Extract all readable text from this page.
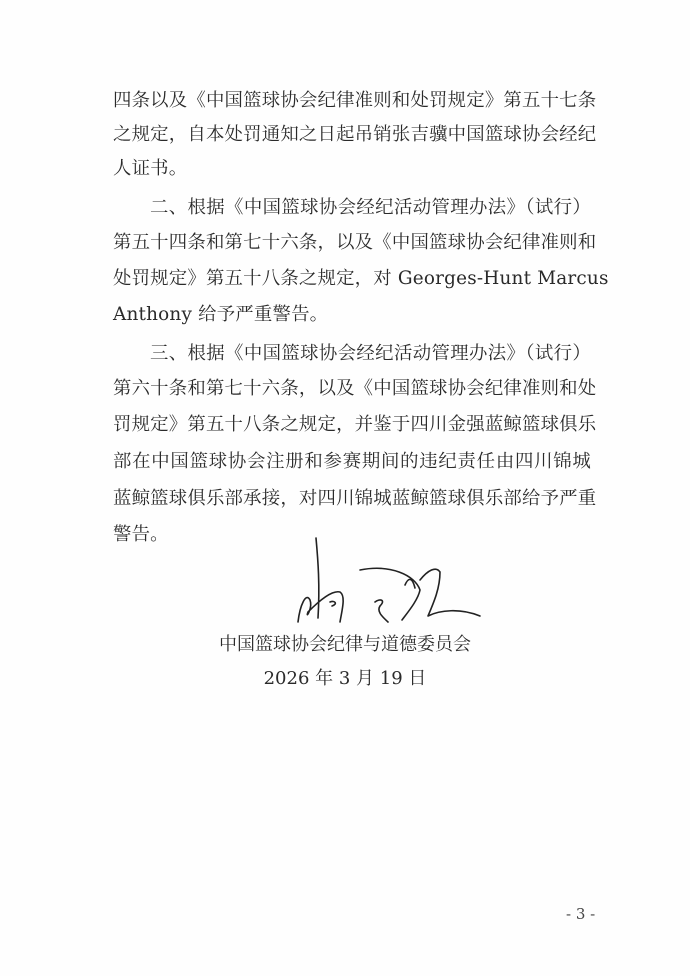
四条以及《中国篮球协会纪律准则和处罚规定》第五十七条
之规定，自本处罚通知之日起吊销张吉骥中国篮球协会经纪
人证书。
二、根据《中国篮球协会经纪活动管理办法》（试行）
第五十四条和第七十六条，以及《中国篮球协会纪律准则和
处罚规定》第五十八条之规定，对 Georges-Hunt Marcus
Anthony 给予严重警告。
三、根据《中国篮球协会经纪活动管理办法》（试行）
第六十条和第七十六条，以及《中国篮球协会纪律准则和处
罚规定》第五十八条之规定，并鉴于四川金强蓝鲸篮球俱乐
部在中国篮球协会注册和参赛期间的违纪责任由四川锦城
蓝鲸篮球俱乐部承接，对四川锦城蓝鲸篮球俱乐部给予严重
警告。
中国篮球协会纪律与道德委员会
2026 年 3 月 19 日
- 3 -
